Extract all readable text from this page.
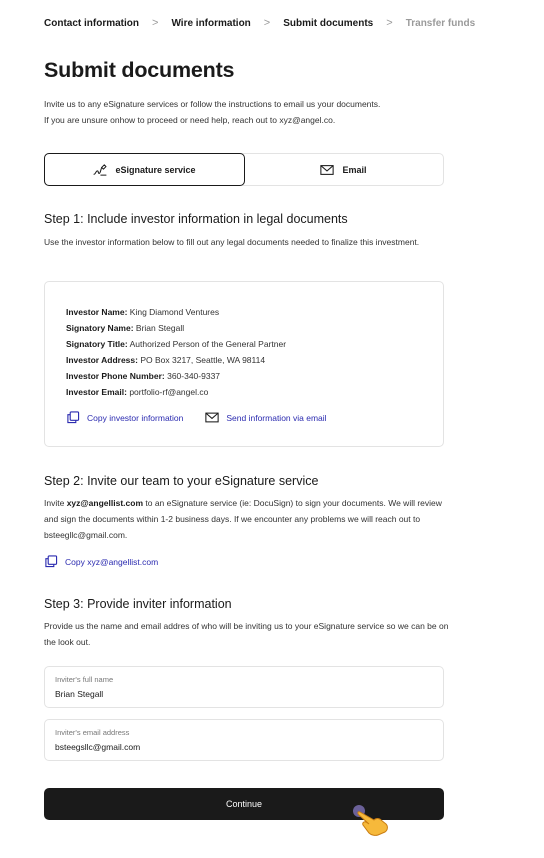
Contact information > Wire information > Submit documents > Transfer funds
Submit documents
Invite us to any eSignature services or follow the instructions to email us your documents.
If you are unsure onhow to proceed or need help, reach out to xyz@angel.co.
eSignature service	Email
Step 1: Include investor information in legal documents

Use the investor information below to fill out any legal documents needed to finalize this investment.

Investor Name: King Diamond Ventures
Signatory Name: Brian Stegall
Signatory Title: Authorized Person of the General Partner
Investor Address: PO Box 3217, Seattle, WA 98114
Investor Phone Number: 360-340-9337
Investor Email: portfolio-rf@angel.co
Copy investor information	Send information via email
Step 2: Invite our team to your eSignature service

Invite xyz@angellist.com to an eSignature service (ie: DocuSign) to sign your documents. We will review and sign the documents within 1-2 business days. If we encounter any problems we will reach out to bsteegllc@gmail.com.

Copy xyz@angellist.com
Step 3: Provide inviter information

Provide us the name and email addres of who will be inviting us to your eSignature service so we can be on the look out.

Inviter's full name
Brian Stegall
Inviter's email address
bsteegsllc@gmail.com
Continue
